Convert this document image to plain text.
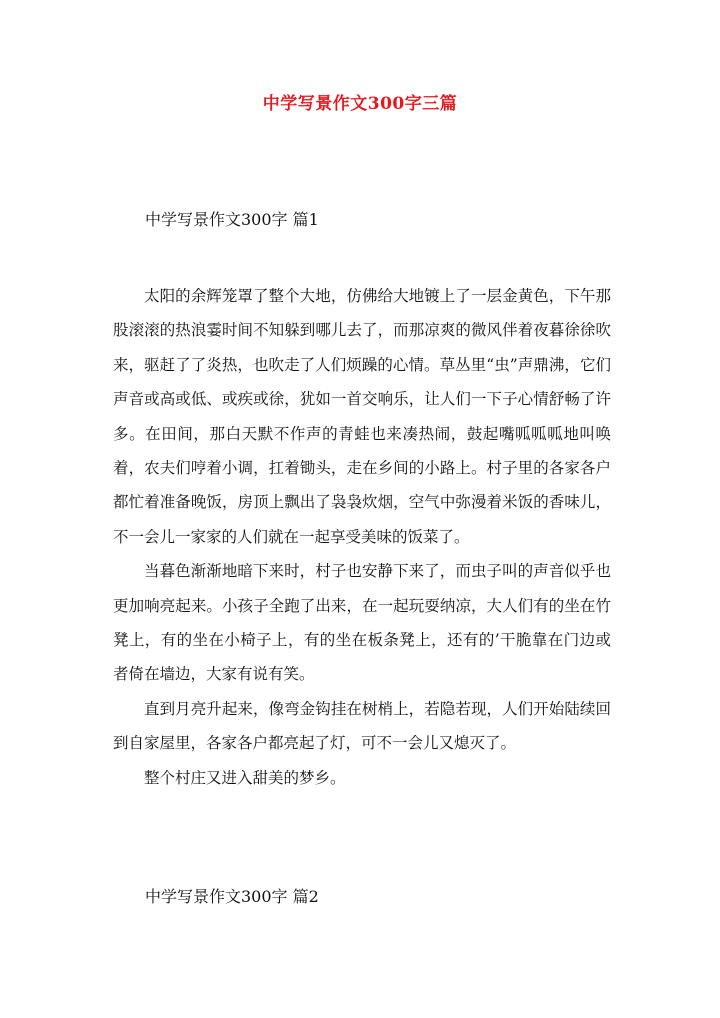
中学写景作文300字三篇
中学写景作文300字 篇1

太阳的余辉笼罩了整个大地，仿佛给大地镀上了一层金黄色，下午那股滚滚的热浪霎时间不知躲到哪儿去了，而那凉爽的微风伴着夜暮徐徐吹来，驱赶了了炎热，也吹走了人们烦躁的心情。草丛里“虫”声鼎沸，它们声音或高或低、或疾或徐，犹如一首交响乐，让人们一下子心情舒畅了许多。在田间，那白天默不作声的青蛙也来凑热闹，鼓起嘴呱呱呱地叫唤着，农夫们哼着小调，扛着锄头，走在乡间的小路上。村子里的各家各户都忙着准备晚饭，房顶上飘出了袅袅炊烟，空气中弥漫着米饭的香味儿，不一会儿一家家的人们就在一起享受美味的饭菜了。

当暮色渐渐地暗下来时，村子也安静下来了，而虫子叫的声音似乎也更加响亮起来。小孩子全跑了出来，在一起玩耍纳凉，大人们有的坐在竹凳上，有的坐在小椅子上，有的坐在板条凳上，还有的’干脆靠在门边或者倚在墙边，大家有说有笑。

直到月亮升起来，像弯金钩挂在树梢上，若隐若现，人们开始陆续回到自家屋里，各家各户都亮起了灯，可不一会儿又熄灭了。

整个村庄又进入甜美的梦乡。

中学写景作文300字 篇2
